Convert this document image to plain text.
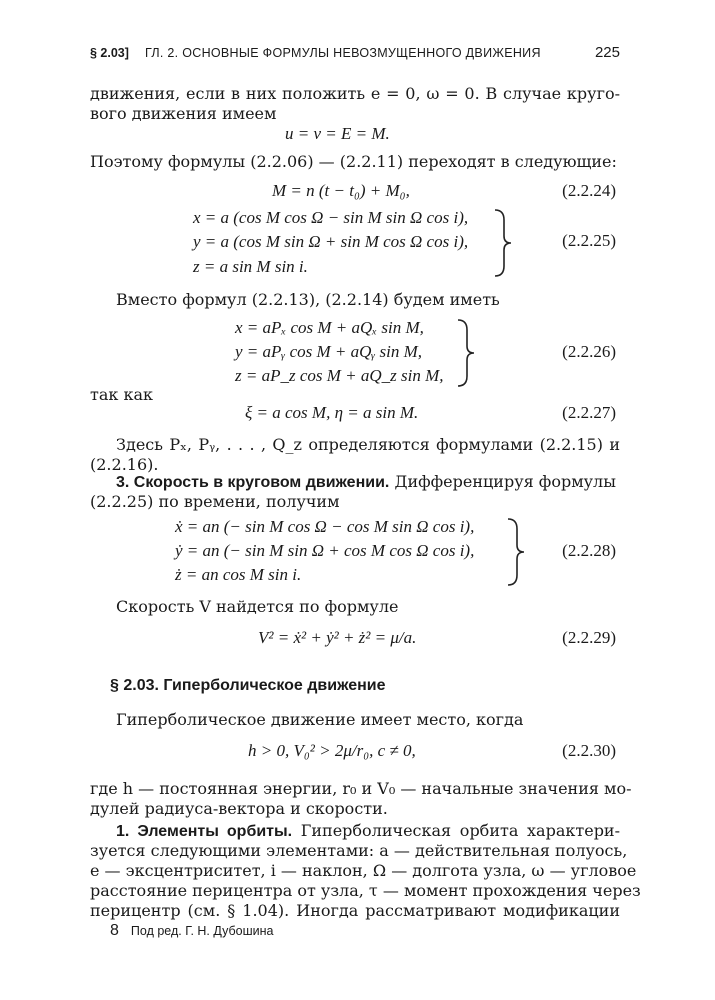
§ 2.03] ГЛ. 2. ОСНОВНЫЕ ФОРМУЛЫ НЕВОЗМУЩЕННОГО ДВИЖЕНИЯ	225
движения, если в них положить e = 0, ω = 0. В случае круго-
вого движения имеем
u = v = E = M.
Поэтому формулы (2.2.06) — (2.2.11) переходят в следующие:
M = n (t − t₀) + M₀,	(2.2.24)
x = a (cos M cos Ω − sin M sin Ω cos i),
y = a (cos M sin Ω + sin M cos Ω cos i),
z = a sin M sin i.
(2.2.25)
Вместо формул (2.2.13), (2.2.14) будем иметь
x = aPₓ cos M + aQₓ sin M,
y = aPᵧ cos M + aQᵧ sin M,
z = aP_z cos M + aQ_z sin M,
(2.2.26)
так как
ξ = a cos M, η = a sin M.	(2.2.27)
Здесь Pₓ, Pᵧ, . . . , Q_z определяются формулами (2.2.15) и
(2.2.16).
3. Скорость в круговом движении. Дифференцируя формулы
(2.2.25) по времени, получим
ẋ = an (− sin M cos Ω − cos M sin Ω cos i),
ẏ = an (− sin M sin Ω + cos M cos Ω cos i),
ż = an cos M sin i.
(2.2.28)
Скорость V найдется по формуле
V² = ẋ² + ẏ² + ż² = μ/a.	(2.2.29)
§ 2.03. Гиперболическое движение
Гиперболическое движение имеет место, когда
h > 0, V₀² > 2μ/r₀, c ≠ 0,	(2.2.30)
где h — постоянная энергии, r₀ и V₀ — начальные значения мо-
дулей радиуса-вектора и скорости.
1. Элементы орбиты. Гиперболическая орбита характери-
зуется следующими элементами: a — действительная полуось,
e — эксцентриситет, i — наклон, Ω — долгота узла, ω — угловое
расстояние перицентра от узла, τ — момент прохождения через
перицентр (см. § 1.04). Иногда рассматривают модификации
8 Под ред. Г. Н. Дубошина
